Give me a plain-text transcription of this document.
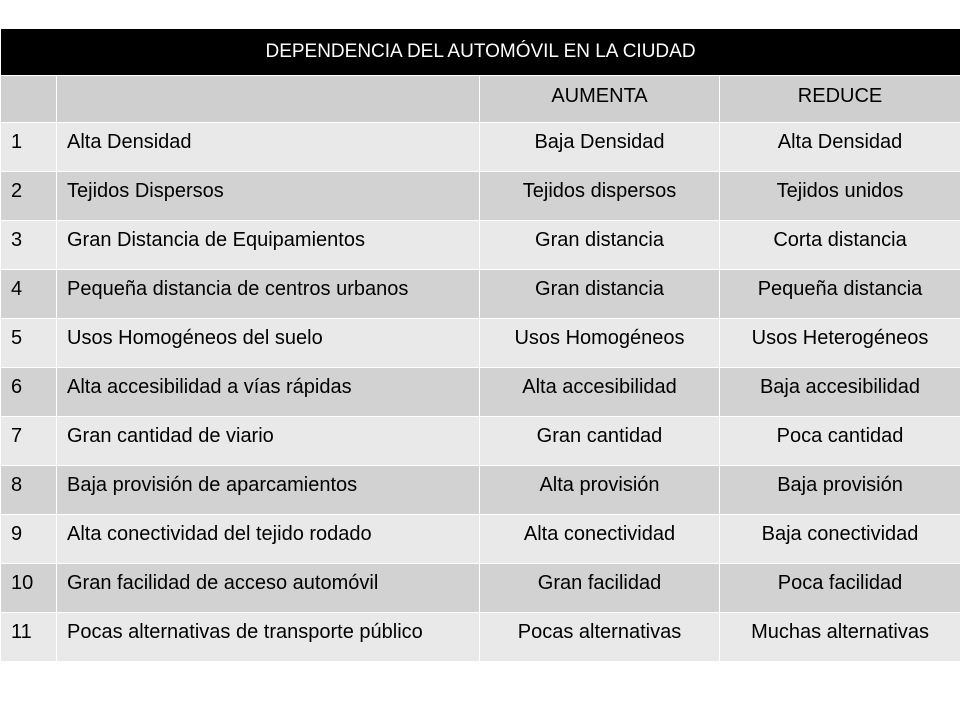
DEPENDENCIA DEL AUTOMÓVIL EN LA CIUDAD			
		AUMENTA	REDUCE
1	Alta Densidad	Baja Densidad	Alta Densidad
2	Tejidos Dispersos	Tejidos dispersos	Tejidos unidos
3	Gran Distancia de Equipamientos	Gran distancia	Corta distancia
4	Pequeña distancia de centros urbanos	Gran distancia	Pequeña distancia
5	Usos Homogéneos del suelo	Usos Homogéneos	Usos Heterogéneos
6	Alta accesibilidad a vías rápidas	Alta accesibilidad	Baja accesibilidad
7	Gran cantidad de viario	Gran cantidad	Poca cantidad
8	Baja provisión de aparcamientos	Alta provisión	Baja provisión
9	Alta conectividad del tejido rodado	Alta conectividad	Baja conectividad
10	Gran facilidad de acceso automóvil	Gran facilidad	Poca facilidad
11	Pocas alternativas de transporte público	Pocas alternativas	Muchas alternativas
